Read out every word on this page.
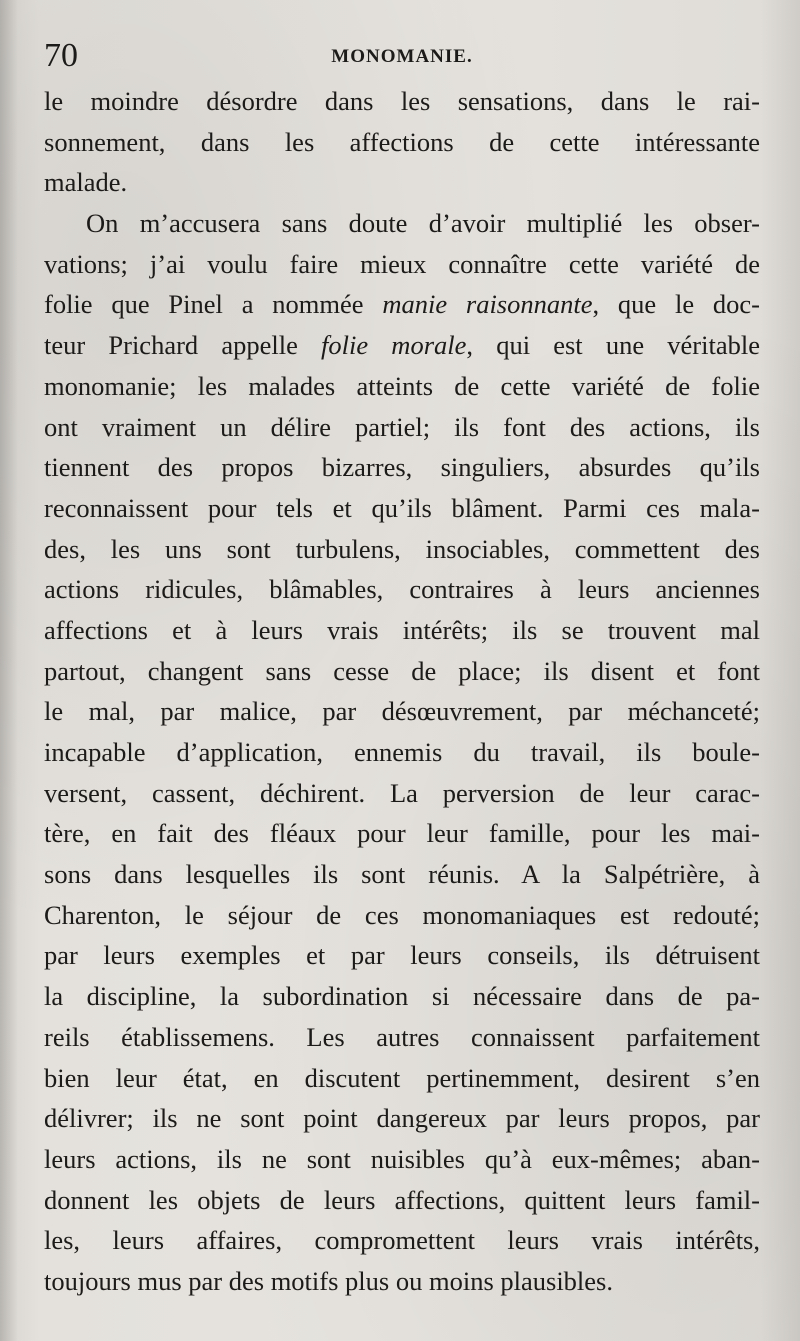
70	MONOMANIE.
le moindre désordre dans les sensations, dans le rai-
sonnement, dans les affections de cette intéressante
malade.
On m’accusera sans doute d’avoir multiplié les obser-
vations; j’ai voulu faire mieux connaître cette variété de
folie que Pinel a nommée manie raisonnante, que le doc-
teur Prichard appelle folie morale, qui est une véritable
monomanie; les malades atteints de cette variété de folie
ont vraiment un délire partiel; ils font des actions, ils
tiennent des propos bizarres, singuliers, absurdes qu’ils
reconnaissent pour tels et qu’ils blâment. Parmi ces mala-
des, les uns sont turbulens, insociables, commettent des
actions ridicules, blâmables, contraires à leurs anciennes
affections et à leurs vrais intérêts; ils se trouvent mal
partout, changent sans cesse de place; ils disent et font
le mal, par malice, par désœuvrement, par méchanceté;
incapable d’application, ennemis du travail, ils boule-
versent, cassent, déchirent. La perversion de leur carac-
tère, en fait des fléaux pour leur famille, pour les mai-
sons dans lesquelles ils sont réunis. A la Salpétrière, à
Charenton, le séjour de ces monomaniaques est redouté;
par leurs exemples et par leurs conseils, ils détruisent
la discipline, la subordination si nécessaire dans de pa-
reils établissemens. Les autres connaissent parfaitement
bien leur état, en discutent pertinemment, desirent s’en
délivrer; ils ne sont point dangereux par leurs propos, par
leurs actions, ils ne sont nuisibles qu’à eux-mêmes; aban-
donnent les objets de leurs affections, quittent leurs famil-
les, leurs affaires, compromettent leurs vrais intérêts,
toujours mus par des motifs plus ou moins plausibles.
